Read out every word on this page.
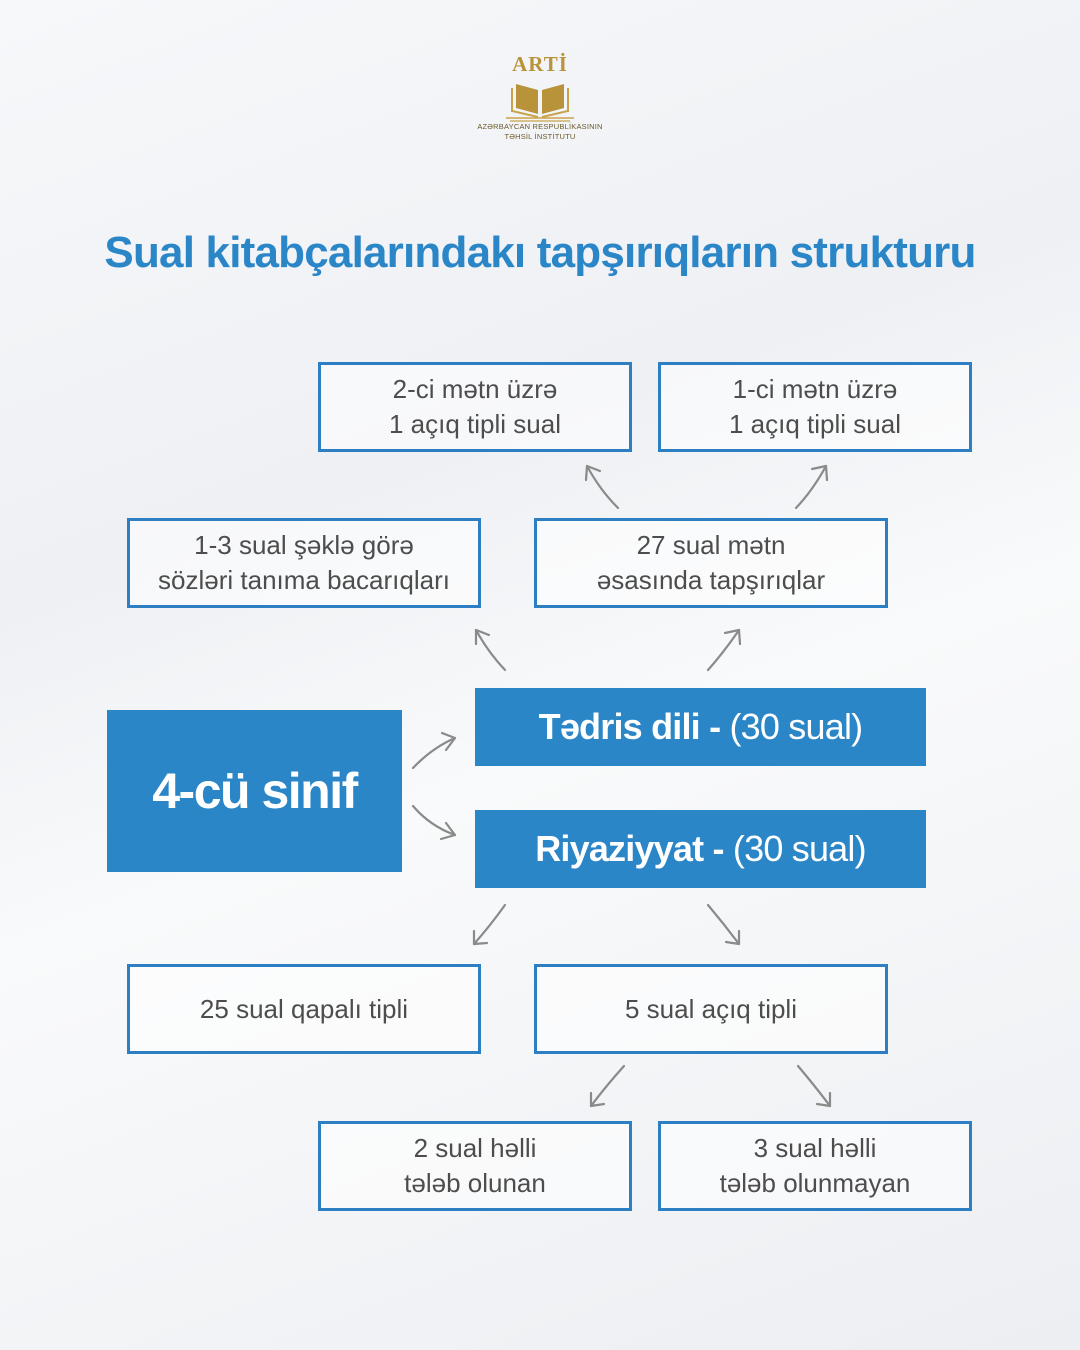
ARTİ
AZƏRBAYCAN RESPUBLİKASININ
TƏHSİL İNSTİTUTU
Sual kitabçalarındakı tapşırıqların strukturu
2-ci mətn üzrə
1 açıq tipli sual
1-ci mətn üzrə
1 açıq tipli sual
1-3 sual şəklə görə
sözləri tanıma bacarıqları
27 sual mətn
əsasında tapşırıqlar
4-cü sinif
Tədris dili - (30 sual)
Riyaziyyat - (30 sual)
25 sual qapalı tipli	5 sual açıq tipli
2 sual həlli
tələb olunan
3 sual həlli
tələb olunmayan
